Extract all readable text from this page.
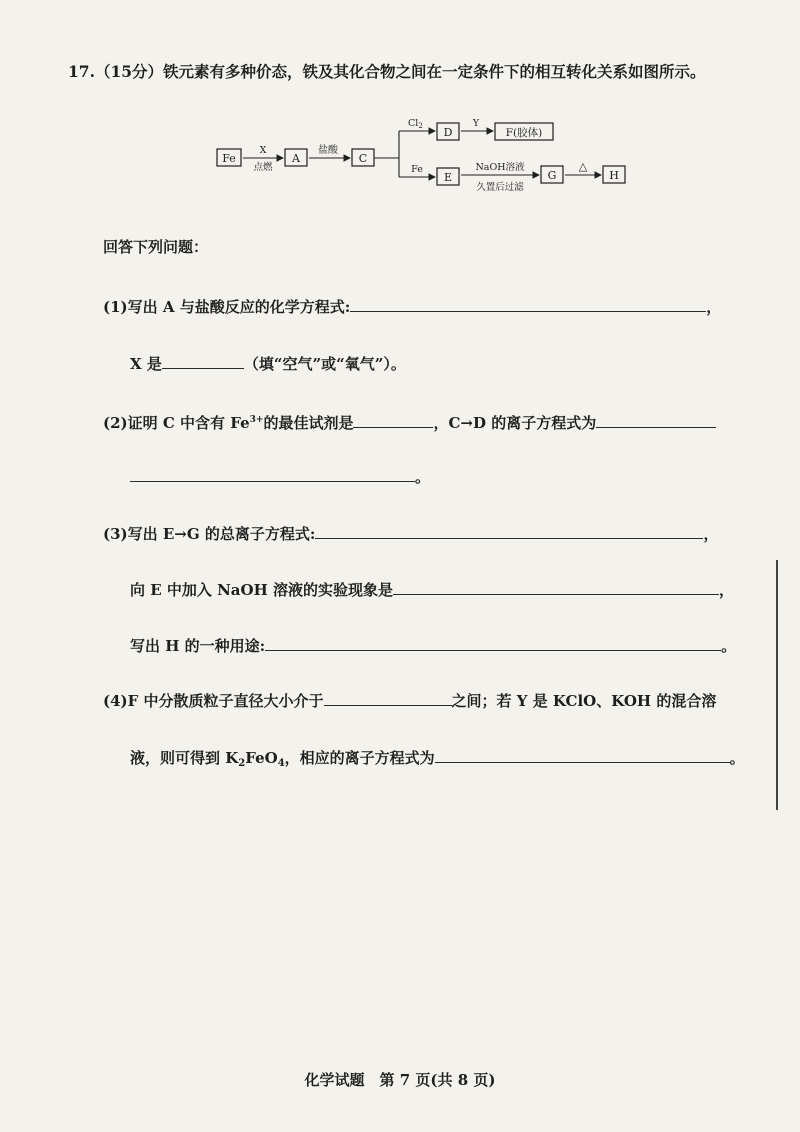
17.（15分）铁元素有多种价态，铁及其化合物之间在一定条件下的相互转化关系如图所示。
Fe	A	C
D	F(胶体)
E	G	H
X
点燃
盐酸
$Cl_2$	Y
Fe	NaOH溶液
久置后过滤
△
回答下列问题：
(1)写出 A 与盐酸反应的化学方程式:	，
X 是	（填“空气”或“氧气”）。
(2)证明 C 中含有 $Fe^{3+}$的最佳试剂是	，C→D 的离子方程式为
。
(3)写出 E→G 的总离子方程式:	，
向 E 中加入 NaOH 溶液的实验现象是	，
写出 H 的一种用途:	。
(4)F 中分散质粒子直径大小介于	之间；若 Y 是 KClO、KOH 的混合溶
液，则可得到 $K_2FeO_4$，相应的离子方程式为	。
化学试题　第 7 页(共 8 页)
